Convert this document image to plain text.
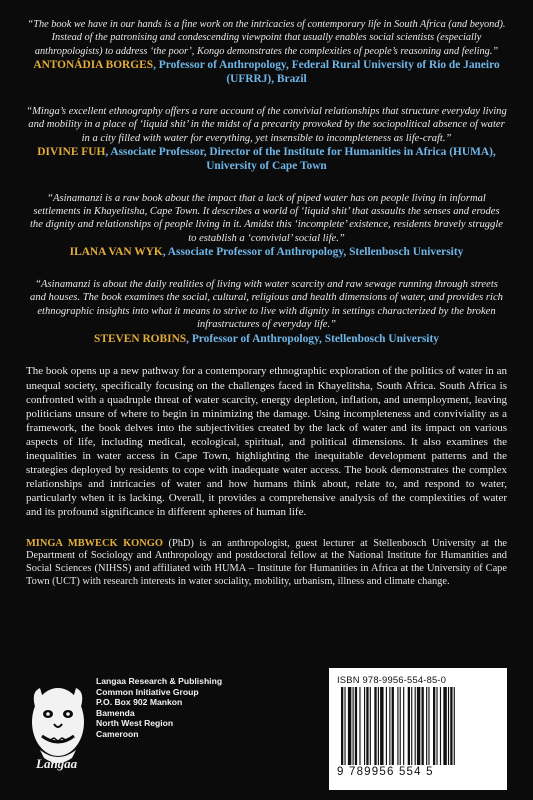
“The book we have in our hands is a fine work on the intricacies of contemporary life in South Africa (and beyond). Instead of the patronising and condescending viewpoint that usually enables social scientists (especially anthropologists) to address ‘the poor’, Kongo demonstrates the complexities of people’s reasoning and feeling.”

ANTONÁDIA BORGES, Professor of Anthropology, Federal Rural University of Rio de Janeiro (UFRRJ), Brazil

“Minga’s excellent ethnography offers a rare account of the convivial relationships that structure everyday living and mobility in a place of ‘liquid shit’ in the midst of a precarity provoked by the sociopolitical absence of water in a city filled with water for everything, yet insensible to incompleteness as life-craft.”

DIVINE FUH, Associate Professor, Director of the Institute for Humanities in Africa (HUMA), University of Cape Town

“Asinamanzi is a raw book about the impact that a lack of piped water has on people living in informal settlements in Khayelitsha, Cape Town. It describes a world of ‘liquid shit’ that assaults the senses and erodes the dignity and relationships of people living in it. Amidst this ‘incomplete’ existence, residents bravely struggle to establish a ‘convivial’ social life.”

ILANA VAN WYK, Associate Professor of Anthropology, Stellenbosch University

“Asinamanzi is about the daily realities of living with water scarcity and raw sewage running through streets and houses. The book examines the social, cultural, religious and health dimensions of water, and provides rich ethnographic insights into what it means to strive to live with dignity in settings characterized by the broken infrastructures of everyday life.”

STEVEN ROBINS, Professor of Anthropology, Stellenbosch University

The book opens up a new pathway for a contemporary ethnographic exploration of the politics of water in an unequal society, specifically focusing on the challenges faced in Khayelitsha, South Africa. South Africa is confronted with a quadruple threat of water scarcity, energy depletion, inflation, and unemployment, leaving politicians unsure of where to begin in minimizing the damage. Using incompleteness and conviviality as a framework, the book delves into the subjectivities created by the lack of water and its impact on various aspects of life, including medical, ecological, spiritual, and political dimensions. It also examines the inequalities in water access in Cape Town, highlighting the inequitable development patterns and the strategies deployed by residents to cope with inadequate water access. The book demonstrates the complex relationships and intricacies of water and how humans think about, relate to, and respond to water, particularly when it is lacking. Overall, it provides a comprehensive analysis of the complexities of water and its profound significance in different spheres of human life.

MINGA MBWECK KONGO (PhD) is an anthropologist, guest lecturer at Stellenbosch University at the Department of Sociology and Anthropology and postdoctoral fellow at the National Institute for Humanities and Social Sciences (NIHSS) and affiliated with HUMA – Institute for Humanities in Africa at the University of Cape Town (UCT) with research interests in water sociality, mobility, urbanism, illness and climate change.

Langaa
Langaa Research & Publishing
Common Initiative Group
P.O. Box 902 Mankon
Bamenda
North West Region
Cameroon
ISBN 978-9956-554-85-0
9 789956 554 5
